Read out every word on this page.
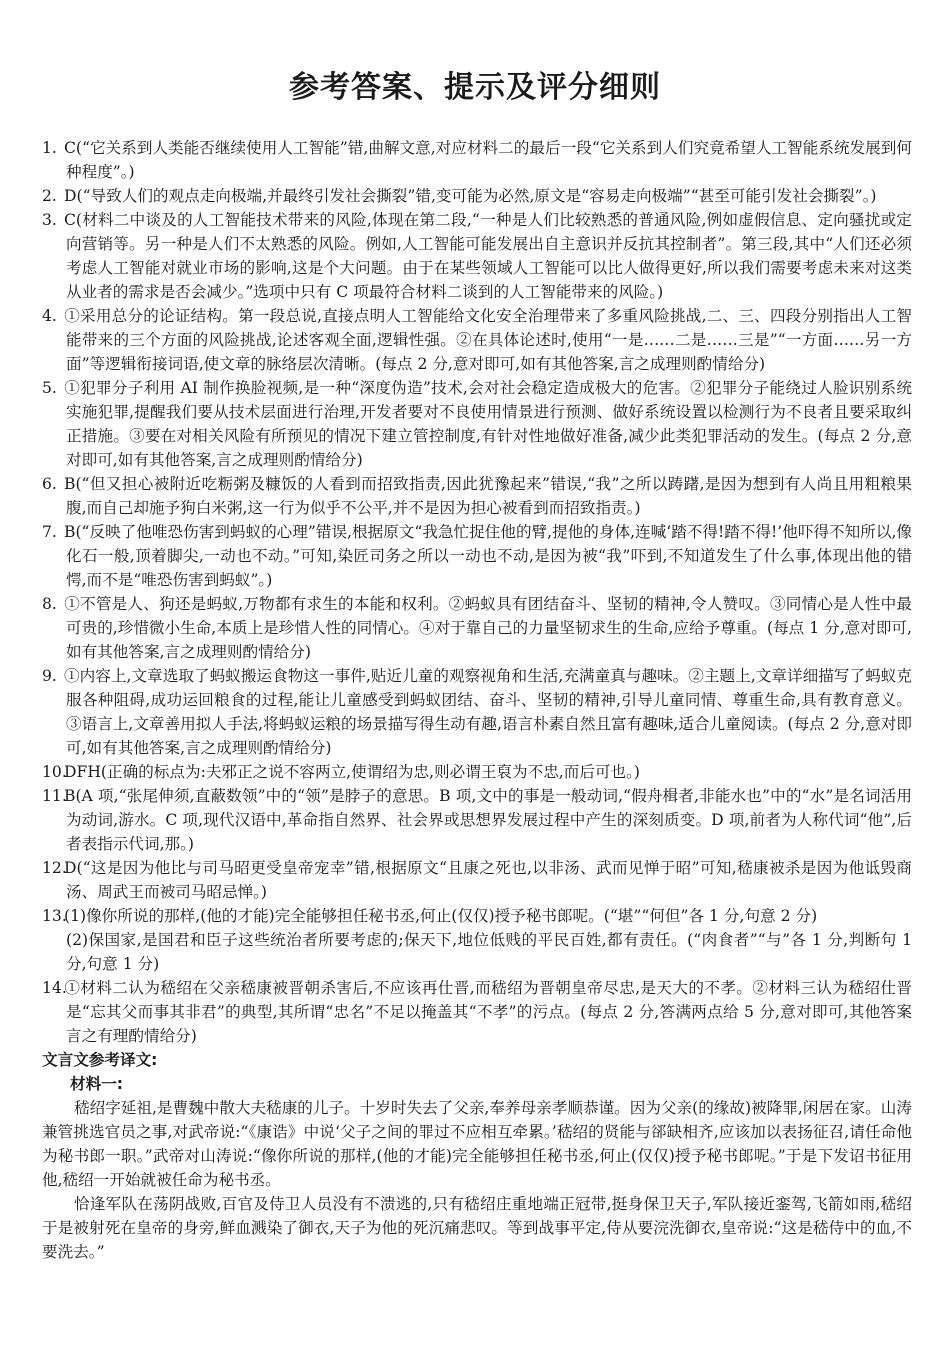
参考答案、提示及评分细则

1. C(“它关系到人类能否继续使用人工智能”错,曲解文意,对应材料二的最后一段“它关系到人们究竟希望人工智能系统发展到何种程度”。)

2. D(“导致人们的观点走向极端,并最终引发社会撕裂”错,变可能为必然,原文是“容易走向极端”“甚至可能引发社会撕裂”。)

3. C(材料二中谈及的人工智能技术带来的风险,体现在第二段,“一种是人们比较熟悉的普通风险,例如虚假信息、定向骚扰或定向营销等。另一种是人们不太熟悉的风险。例如,人工智能可能发展出自主意识并反抗其控制者”。第三段,其中“人们还必须考虑人工智能对就业市场的影响,这是个大问题。由于在某些领域人工智能可以比人做得更好,所以我们需要考虑未来对这类从业者的需求是否会减少。”选项中只有 C 项最符合材料二谈到的人工智能带来的风险。)

4. ①采用总分的论证结构。第一段总说,直接点明人工智能给文化安全治理带来了多重风险挑战,二、三、四段分别指出人工智能带来的三个方面的风险挑战,论述客观全面,逻辑性强。②在具体论述时,使用“一是……二是……三是”“一方面……另一方面”等逻辑衔接词语,使文章的脉络层次清晰。(每点 2 分,意对即可,如有其他答案,言之成理则酌情给分)

5. ①犯罪分子利用 AI 制作换脸视频,是一种“深度伪造”技术,会对社会稳定造成极大的危害。②犯罪分子能绕过人脸识别系统实施犯罪,提醒我们要从技术层面进行治理,开发者要对不良使用情景进行预测、做好系统设置以检测行为不良者且要采取纠正措施。③要在对相关风险有所预见的情况下建立管控制度,有针对性地做好准备,减少此类犯罪活动的发生。(每点 2 分,意对即可,如有其他答案,言之成理则酌情给分)

6. B(“但又担心被附近吃粝粥及糠饭的人看到而招致指责,因此犹豫起来”错误,“我”之所以踌躇,是因为想到有人尚且用粗粮果腹,而自己却施予狗白米粥,这一行为似乎不公平,并不是因为担心被看到而招致指责。)

7. B(“反映了他唯恐伤害到蚂蚁的心理”错误,根据原文“我急忙捉住他的臂,提他的身体,连喊‘踏不得!踏不得!’他吓得不知所以,像化石一般,顶着脚尖,一动也不动。”可知,染匠司务之所以一动也不动,是因为被“我”吓到,不知道发生了什么事,体现出他的错愕,而不是“唯恐伤害到蚂蚁”。)

8. ①不管是人、狗还是蚂蚁,万物都有求生的本能和权利。②蚂蚁具有团结奋斗、坚韧的精神,令人赞叹。③同情心是人性中最可贵的,珍惜微小生命,本质上是珍惜人性的同情心。④对于靠自己的力量坚韧求生的生命,应给予尊重。(每点 1 分,意对即可,如有其他答案,言之成理则酌情给分)

9. ①内容上,文章选取了蚂蚁搬运食物这一事件,贴近儿童的观察视角和生活,充满童真与趣味。②主题上,文章详细描写了蚂蚁克服各种阻碍,成功运回粮食的过程,能让儿童感受到蚂蚁团结、奋斗、坚韧的精神,引导儿童同情、尊重生命,具有教育意义。③语言上,文章善用拟人手法,将蚂蚁运粮的场景描写得生动有趣,语言朴素自然且富有趣味,适合儿童阅读。(每点 2 分,意对即可,如有其他答案,言之成理则酌情给分)

10.DFH(正确的标点为:夫邪正之说不容两立,使谓绍为忠,则必谓王裒为不忠,而后可也。)

11.B(A 项,“张尾伸须,直蔽数领”中的“领”是脖子的意思。B 项,文中的事是一般动词,“假舟楫者,非能水也”中的“水”是名词活用为动词,游水。C 项,现代汉语中,革命指自然界、社会界或思想界发展过程中产生的深刻质变。D 项,前者为人称代词“他”,后者表指示代词,那。)

12.D(“这是因为他比与司马昭更受皇帝宠幸”错,根据原文“且康之死也,以非汤、武而见惮于昭”可知,嵇康被杀是因为他诋毁商汤、周武王而被司马昭忌惮。)

13.(1)像你所说的那样,(他的才能)完全能够担任秘书丞,何止(仅仅)授予秘书郎呢。(“堪”“何但”各 1 分,句意 2 分)

(2)保国家,是国君和臣子这些统治者所要考虑的;保天下,地位低贱的平民百姓,都有责任。(“肉食者”“与”各 1 分,判断句 1 分,句意 1 分)

14.①材料二认为嵇绍在父亲嵇康被晋朝杀害后,不应该再仕晋,而嵇绍为晋朝皇帝尽忠,是天大的不孝。②材料三认为嵇绍仕晋是“忘其父而事其非君”的典型,其所谓“忠名”不足以掩盖其“不孝”的污点。(每点 2 分,答满两点给 5 分,意对即可,其他答案言之有理酌情给分)

文言文参考译文:

材料一:

嵇绍字延祖,是曹魏中散大夫嵇康的儿子。十岁时失去了父亲,奉养母亲孝顺恭谨。因为父亲(的缘故)被降罪,闲居在家。山涛兼管挑选官员之事,对武帝说:“《康诰》中说‘父子之间的罪过不应相互牵累。’嵇绍的贤能与郤缺相齐,应该加以表扬征召,请任命他为秘书郎一职。”武帝对山涛说:“像你所说的那样,(他的才能)完全能够担任秘书丞,何止(仅仅)授予秘书郎呢。”于是下发诏书征用他,嵇绍一开始就被任命为秘书丞。

恰逢军队在荡阴战败,百官及侍卫人员没有不溃逃的,只有嵇绍庄重地端正冠带,挺身保卫天子,军队接近銮驾,飞箭如雨,嵇绍于是被射死在皇帝的身旁,鲜血溅染了御衣,天子为他的死沉痛悲叹。等到战事平定,侍从要浣洗御衣,皇帝说:“这是嵇侍中的血,不要洗去。”
